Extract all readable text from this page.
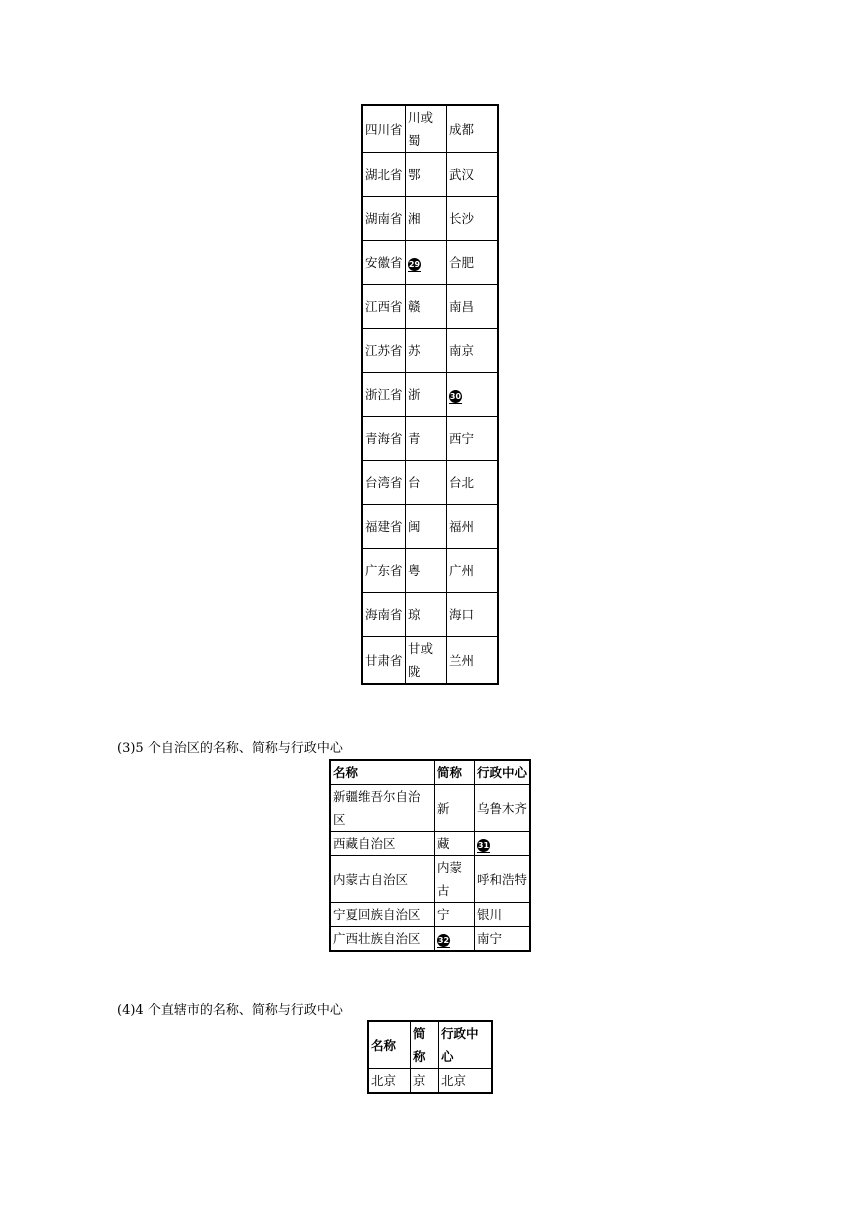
四川省	川或蜀	成都
湖北省	鄂	武汉
湖南省	湘	长沙
安徽省	29	合肥
江西省	赣	南昌
江苏省	苏	南京
浙江省	浙	30
青海省	青	西宁
台湾省	台	台北
福建省	闽	福州
广东省	粤	广州
海南省	琼	海口
甘肃省	甘或陇	兰州
(3)5 个自治区的名称、简称与行政中心
名称	简称	行政中心
新疆维吾尔自治区	新	乌鲁木齐
西藏自治区	藏	31
内蒙古自治区	内蒙古	呼和浩特
宁夏回族自治区	宁	银川
广西壮族自治区	32	南宁
(4)4 个直辖市的名称、简称与行政中心
名称	简称	行政中心
北京	京	北京
